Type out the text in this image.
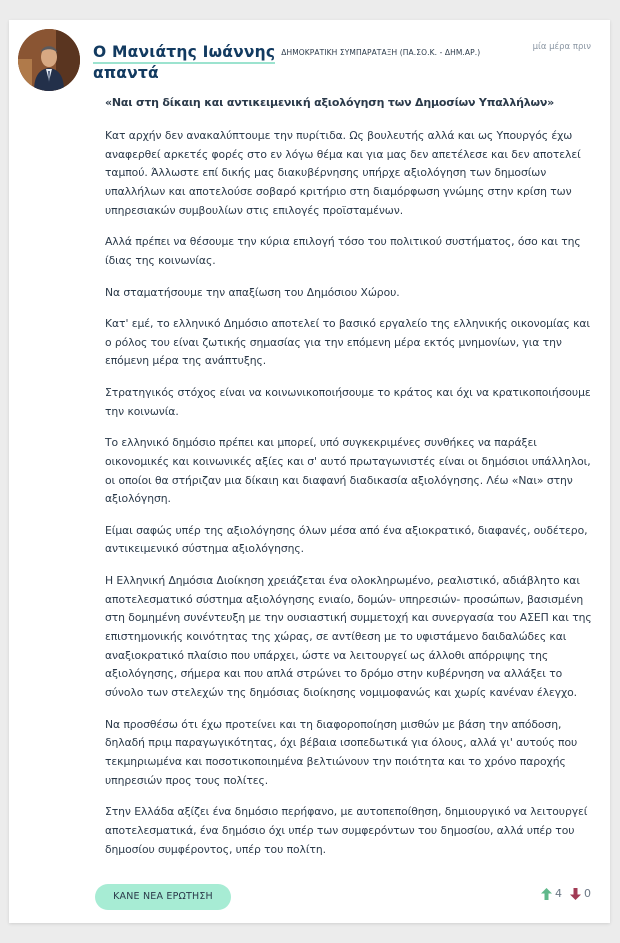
Ο Μανιάτης Ιωάννης ΔΗΜΟΚΡΑΤΙΚΗ ΣΥΜΠΑΡΑΤΑΞΗ (ΠΑ.ΣΟ.Κ. - ΔΗΜ.ΑΡ.)
απαντά
μία μέρα πριν
«Ναι στη δίκαιη και αντικειμενική αξιολόγηση των Δημοσίων Υπαλλήλων»

Κατ αρχήν δεν ανακαλύπτουμε την πυρίτιδα. Ως βουλευτής αλλά και ως Υπουργός έχω αναφερθεί αρκετές φορές στο εν λόγω θέμα και για μας δεν απετέλεσε και δεν αποτελεί ταμπού. Άλλωστε επί δικής μας διακυβέρνησης υπήρχε αξιολόγηση των δημοσίων υπαλλήλων και αποτελούσε σοβαρό κριτήριο στη διαμόρφωση γνώμης στην κρίση των υπηρεσιακών συμβουλίων στις επιλογές προϊσταμένων.

Αλλά πρέπει να θέσουμε την κύρια επιλογή τόσο του πολιτικού συστήματος, όσο και της ίδιας της κοινωνίας.

Να σταματήσουμε την απαξίωση του Δημόσιου Χώρου.

Κατ' εμέ, το ελληνικό Δημόσιο αποτελεί το βασικό εργαλείο της ελληνικής οικονομίας και ο ρόλος του είναι ζωτικής σημασίας για την επόμενη μέρα εκτός μνημονίων, για την επόμενη μέρα της ανάπτυξης.

Στρατηγικός στόχος είναι να κοινωνικοποιήσουμε το κράτος και όχι να κρατικοποιήσουμε την κοινωνία.

Το ελληνικό δημόσιο πρέπει και μπορεί, υπό συγκεκριμένες συνθήκες να παράξει οικονομικές και κοινωνικές αξίες και σ' αυτό πρωταγωνιστές είναι οι δημόσιοι υπάλληλοι, οι οποίοι θα στήριζαν μια δίκαιη και διαφανή διαδικασία αξιολόγησης. Λέω «Ναι» στην αξιολόγηση.

Είμαι σαφώς υπέρ της αξιολόγησης όλων μέσα από ένα αξιοκρατικό, διαφανές, ουδέτερο, αντικειμενικό σύστημα αξιολόγησης.

Η Ελληνική Δημόσια Διοίκηση χρειάζεται ένα ολοκληρωμένο, ρεαλιστικό, αδιάβλητο και αποτελεσματικό σύστημα αξιολόγησης ενιαίο, δομών- υπηρεσιών- προσώπων, βασισμένη στη δομημένη συνέντευξη με την ουσιαστική συμμετοχή και συνεργασία του ΑΣΕΠ και της επιστημονικής κοινότητας της χώρας, σε αντίθεση με το υφιστάμενο δαιδαλώδες και αναξιοκρατικό πλαίσιο που υπάρχει, ώστε να λειτουργεί ως άλλοθι απόρριψης της αξιολόγησης, σήμερα και που απλά στρώνει το δρόμο στην κυβέρνηση να αλλάξει το σύνολο των στελεχών της δημόσιας διοίκησης νομιμοφανώς και χωρίς κανέναν έλεγχο.

Να προσθέσω ότι έχω προτείνει και τη διαφοροποίηση μισθών με βάση την απόδοση, δηλαδή πριμ παραγωγικότητας, όχι βέβαια ισοπεδωτικά για όλους, αλλά γι' αυτούς που τεκμηριωμένα και ποσοτικοποιημένα βελτιώνουν την ποιότητα και το χρόνο παροχής υπηρεσιών προς τους πολίτες.

Στην Ελλάδα αξίζει ένα δημόσιο περήφανο, με αυτοπεποίθηση, δημιουργικό να λειτουργεί αποτελεσματικά, ένα δημόσιο όχι υπέρ των συμφερόντων του δημοσίου, αλλά υπέρ του δημοσίου συμφέροντος, υπέρ του πολίτη.

ΚΑΝΕ ΝΕΑ ΕΡΩΤΗΣΗ	4 0
